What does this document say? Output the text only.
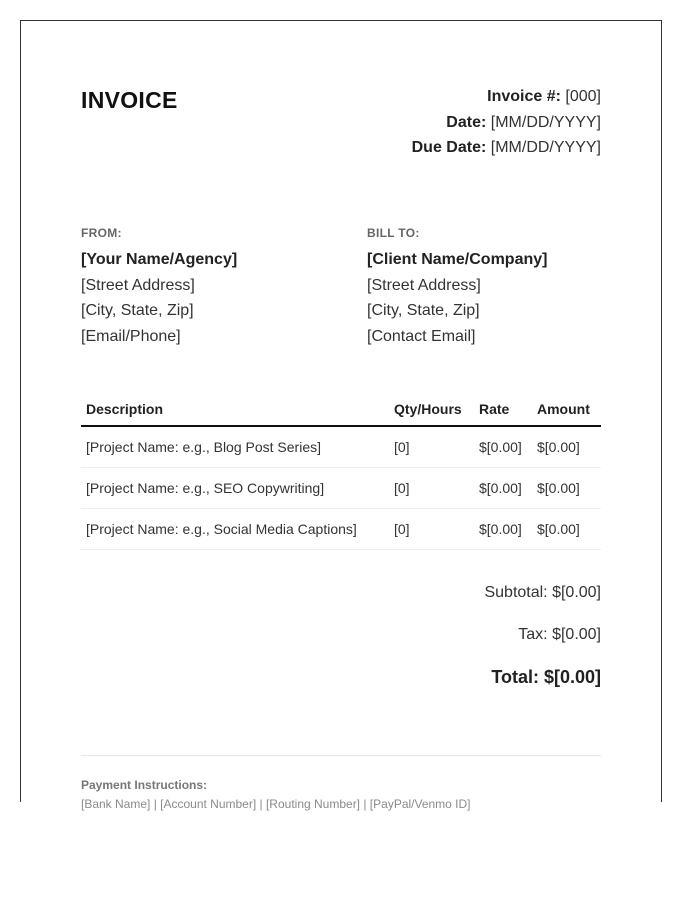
INVOICE	Invoice #: [000]
Date: [MM/DD/YYYY]
Due Date: [MM/DD/YYYY]
FROM:
[Your Name/Agency]
[Street Address]
[City, State, Zip]
[Email/Phone]
BILL TO:
[Client Name/Company]
[Street Address]
[City, State, Zip]
[Contact Email]
Description	Qty/Hours	Rate	Amount
[Project Name: e.g., Blog Post Series]	[0]	$[0.00]	$[0.00]
[Project Name: e.g., SEO Copywriting]	[0]	$[0.00]	$[0.00]
[Project Name: e.g., Social Media Captions]	[0]	$[0.00]	$[0.00]
Subtotal: $[0.00]
Tax: $[0.00]
Total: $[0.00]
Payment Instructions:
[Bank Name] | [Account Number] | [Routing Number] | [PayPal/Venmo ID]
